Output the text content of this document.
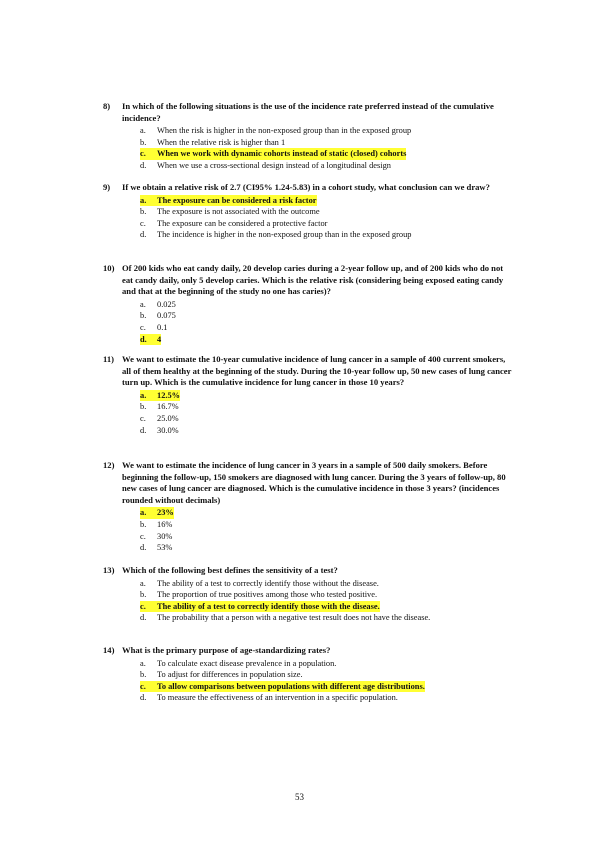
8)	In which of the following situations is the use of the incidence rate preferred instead of the cumulative incidence?
a.	When the risk is higher in the non-exposed group than in the exposed group
b.	When the relative risk is higher than 1
c.	When we work with dynamic cohorts instead of static (closed) cohorts
d.	When we use a cross-sectional design instead of a longitudinal design
9)	If we obtain a relative risk of 2.7 (CI95% 1.24-5.83) in a cohort study, what conclusion can we draw?
a.	The exposure can be considered a risk factor
b.	The exposure is not associated with the outcome
c.	The exposure can be considered a protective factor
d.	The incidence is higher in the non-exposed group than in the exposed group
10) Of 200 kids who eat candy daily, 20 develop caries during a 2-year follow up, and of 200 kids who do not eat candy daily, only 5 develop caries. Which is the relative risk (considering being exposed eating candy and that at the beginning of the study no one has caries)?
a.	0.025
b.	0.075
c.	0.1
d.	4
11) We want to estimate the 10-year cumulative incidence of lung cancer in a sample of 400 current smokers, all of them healthy at the beginning of the study. During the 10-year follow up, 50 new cases of lung cancer turn up. Which is the cumulative incidence for lung cancer in those 10 years?
a.	12.5%
b.	16.7%
c.	25.0%
d.	30.0%
12) We want to estimate the incidence of lung cancer in 3 years in a sample of 500 daily smokers. Before beginning the follow-up, 150 smokers are diagnosed with lung cancer. During the 3 years of follow-up, 80 new cases of lung cancer are diagnosed. Which is the cumulative incidence in those 3 years? (incidences rounded without decimals)
a.	23%
b.	16%
c.	30%
d.	53%
13) Which of the following best defines the sensitivity of a test?
a.	The ability of a test to correctly identify those without the disease.
b.	The proportion of true positives among those who tested positive.
c.	The ability of a test to correctly identify those with the disease.
d.	The probability that a person with a negative test result does not have the disease.
14) What is the primary purpose of age-standardizing rates?
a.	To calculate exact disease prevalence in a population.
b.	To adjust for differences in population size.
c.	To allow comparisons between populations with different age distributions.
d.	To measure the effectiveness of an intervention in a specific population.
53
